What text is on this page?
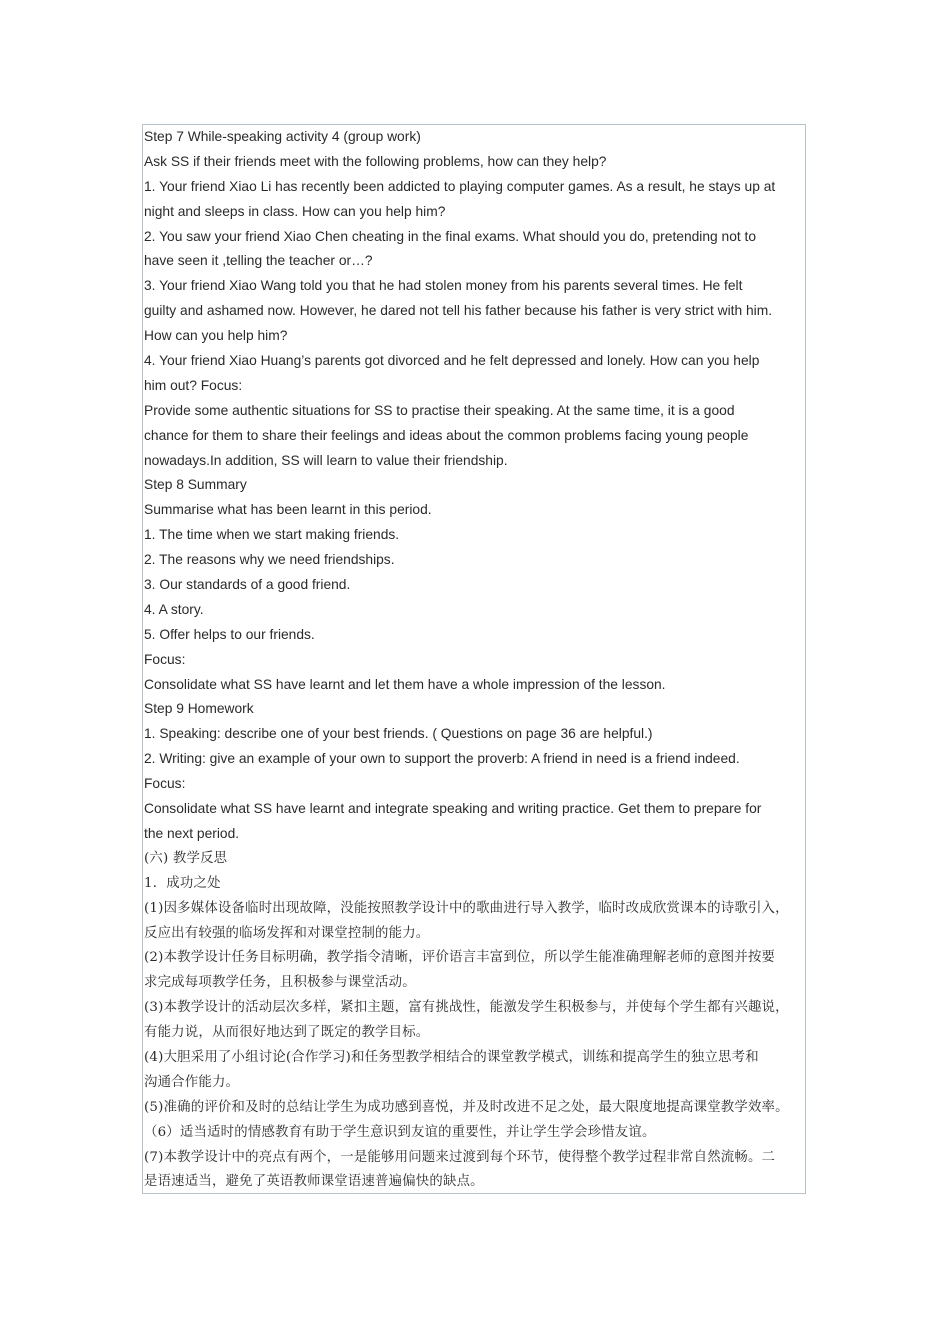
Step 7 While-speaking activity 4 (group work)
Ask SS if their friends meet with the following problems, how can they help?
1. Your friend Xiao Li has recently been addicted to playing computer games. As a result, he stays up at
night and sleeps in class. How can you help him?
2. You saw your friend Xiao Chen cheating in the final exams. What should you do, pretending not to
have seen it ,telling the teacher or…?
3. Your friend Xiao Wang told you that he had stolen money from his parents several times. He felt
guilty and ashamed now. However, he dared not tell his father because his father is very strict with him.
How can you help him?
4. Your friend Xiao Huang’s parents got divorced and he felt depressed and lonely. How can you help
him out? Focus:
Provide some authentic situations for SS to practise their speaking. At the same time, it is a good
chance for them to share their feelings and ideas about the common problems facing young people
nowadays.In addition, SS will learn to value their friendship.
Step 8 Summary
Summarise what has been learnt in this period.
1. The time when we start making friends.
2. The reasons why we need friendships.
3. Our standards of a good friend.
4. A story.
5. Offer helps to our friends.
Focus:
Consolidate what SS have learnt and let them have a whole impression of the lesson.
Step 9 Homework
1. Speaking: describe one of your best friends. ( Questions on page 36 are helpful.)
2. Writing: give an example of your own to support the proverb: A friend in need is a friend indeed.
Focus:
Consolidate what SS have learnt and integrate speaking and writing practice. Get them to prepare for
the next period.
(六) 教学反思
1．成功之处
(1)因多媒体设备临时出现故障，没能按照教学设计中的歌曲进行导入教学，临时改成欣赏课本的诗歌引入，
反应出有较强的临场发挥和对课堂控制的能力。
(2)本教学设计任务目标明确，教学指令清晰，评价语言丰富到位，所以学生能准确理解老师的意图并按要
求完成每项教学任务，且积极参与课堂活动。
(3)本教学设计的活动层次多样，紧扣主题，富有挑战性，能激发学生积极参与，并使每个学生都有兴趣说，
有能力说，从而很好地达到了既定的教学目标。
(4)大胆采用了小组讨论(合作学习)和任务型教学相结合的课堂教学模式，训练和提高学生的独立思考和
沟通合作能力。
(5)准确的评价和及时的总结让学生为成功感到喜悦，并及时改进不足之处，最大限度地提高课堂教学效率。
（6）适当适时的情感教育有助于学生意识到友谊的重要性，并让学生学会珍惜友谊。
(7)本教学设计中的亮点有两个，一是能够用问题来过渡到每个环节，使得整个教学过程非常自然流畅。二
是语速适当，避免了英语教师课堂语速普遍偏快的缺点。
